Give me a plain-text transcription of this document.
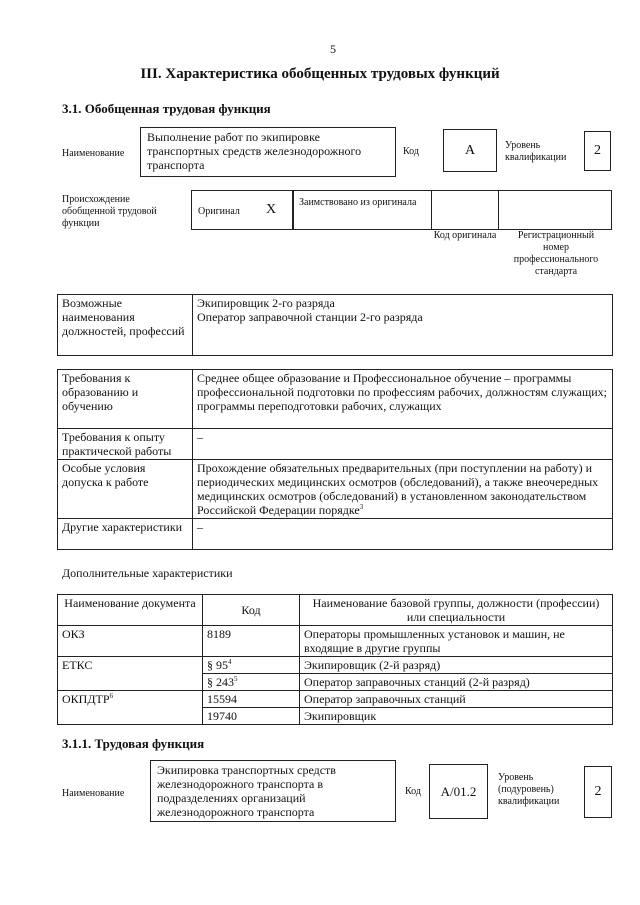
5
III. Характеристика обобщенных трудовых функций
3.1. Обобщенная трудовая функция
Наименование
Выполнение работ по экипировке транспортных средств железнодорожного транспорта
Код	A	Уровень квалификации	2
Происхождение обобщенной трудовой функции
Оригинал X	Заимствовано из оригинала
Код оригинала	Регистрационный номер профессионального стандарта
Возможные наименования должностей, профессий	
Экипировщик 2-го разряда
Оператор заправочной станции 2-го разряда
Требования к образованию и обучению	Среднее общее образование и Профессиональное обучение – программы профессиональной подготовки по профессиям рабочих, должностям служащих; программы переподготовки рабочих, служащих
Требования к опыту практической работы	–
Особые условия допуска к работе	Прохождение обязательных предварительных (при поступлении на работу) и периодических медицинских осмотров (обследований), а также внеочередных медицинских осмотров (обследований) в установленном законодательством Российской Федерации порядке$^3$
Другие характеристики	–
Дополнительные характеристики
Наименование документа	Код	Наименование базовой группы, должности (профессии) или специальности
ОКЗ	8189	Операторы промышленных установок и машин, не входящие в другие группы
ЕТКС	§ $95^4$	Экипировщик (2-й разряд)
	§ $243^5$	Оператор заправочных станций (2-й разряд)
ОКПДТР$^6$	15594	Оператор заправочных станций
	19740	Экипировщик
3.1.1. Трудовая функция
Наименование
Экипировка транспортных средств железнодорожного транспорта в подразделениях организаций железнодорожного транспорта
Код A/01.2
Уровень (подуровень) квалификации
2
